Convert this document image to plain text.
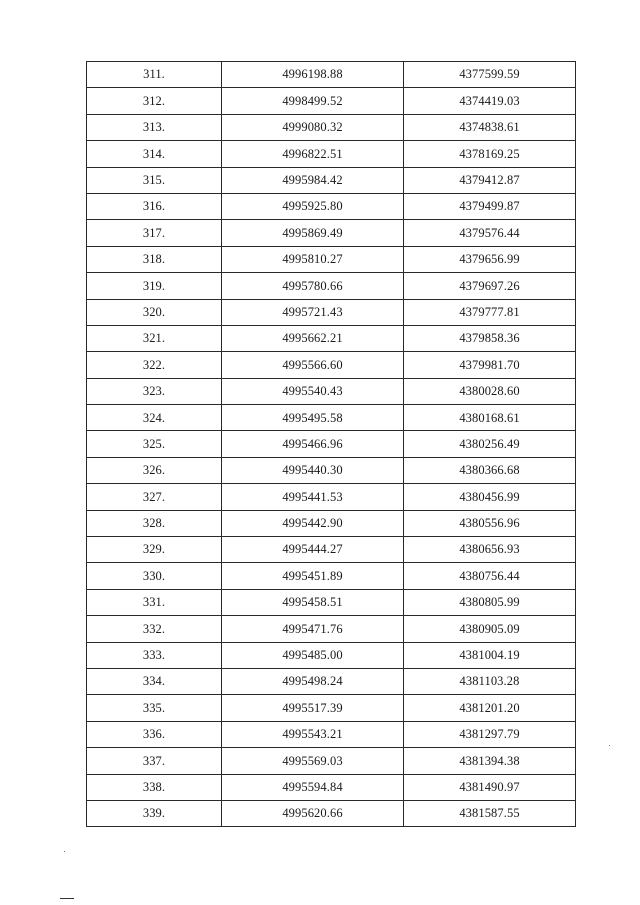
311.	4996198.88	4377599.59
312.	4998499.52	4374419.03
313.	4999080.32	4374838.61
314.	4996822.51	4378169.25
315.	4995984.42	4379412.87
316.	4995925.80	4379499.87
317.	4995869.49	4379576.44
318.	4995810.27	4379656.99
319.	4995780.66	4379697.26
320.	4995721.43	4379777.81
321.	4995662.21	4379858.36
322.	4995566.60	4379981.70
323.	4995540.43	4380028.60
324.	4995495.58	4380168.61
325.	4995466.96	4380256.49
326.	4995440.30	4380366.68
327.	4995441.53	4380456.99
328.	4995442.90	4380556.96
329.	4995444.27	4380656.93
330.	4995451.89	4380756.44
331.	4995458.51	4380805.99
332.	4995471.76	4380905.09
333.	4995485.00	4381004.19
334.	4995498.24	4381103.28
335.	4995517.39	4381201.20
336.	4995543.21	4381297.79
337.	4995569.03	4381394.38
338.	4995594.84	4381490.97
339.	4995620.66	4381587.55
